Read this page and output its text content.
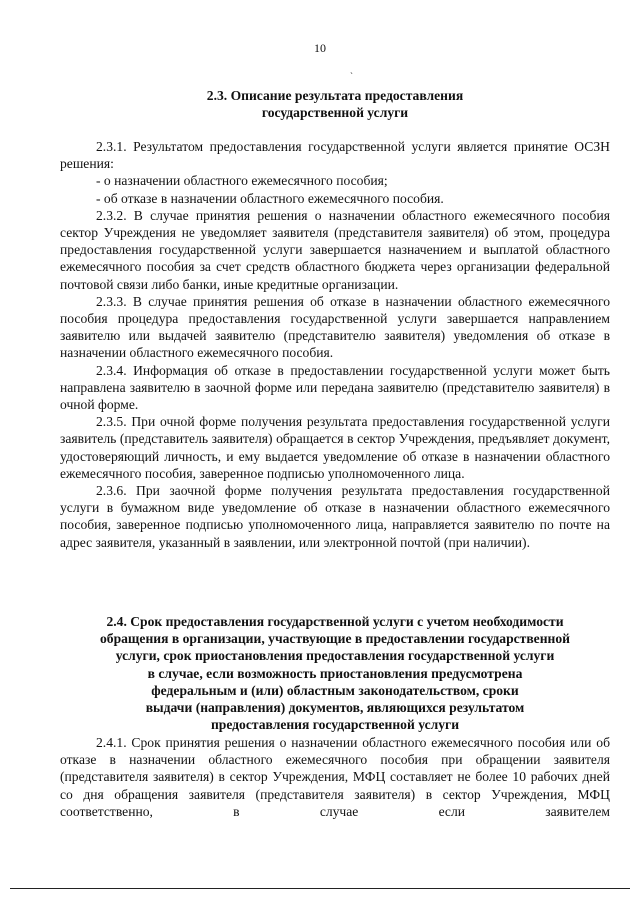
10
`
2.3. Описание результата предоставления
государственной услуги

2.3.1. Результатом предоставления государственной услуги является принятие ОСЗН решения:

- о назначении областного ежемесячного пособия;

- об отказе в назначении областного ежемесячного пособия.

2.3.2. В случае принятия решения о назначении областного ежемесячного пособия сектор Учреждения не уведомляет заявителя (представителя заявителя) об этом, процедура предоставления государственной услуги завершается назначением и выплатой областного ежемесячного пособия за счет средств областного бюджета через организации федеральной почтовой связи либо банки, иные кредитные организации.

2.3.3. В случае принятия решения об отказе в назначении областного ежемесячного пособия процедура предоставления государственной услуги завершается направлением заявителю или выдачей заявителю (представителю заявителя) уведомления об отказе в назначении областного ежемесячного пособия.

2.3.4. Информация об отказе в предоставлении государственной услуги может быть направлена заявителю в заочной форме или передана заявителю (представителю заявителя) в очной форме.

2.3.5. При очной форме получения результата предоставления государственной услуги заявитель (представитель заявителя) обращается в сектор Учреждения, предъявляет документ, удостоверяющий личность, и ему выдается уведомление об отказе в назначении областного ежемесячного пособия, заверенное подписью уполномоченного лица.

2.3.6. При заочной форме получения результата предоставления государственной услуги в бумажном виде уведомление об отказе в назначении областного ежемесячного пособия, заверенное подписью уполномоченного лица, направляется заявителю по почте на адрес заявителя, указанный в заявлении, или электронной почтой (при наличии).

2.4. Срок предоставления государственной услуги с учетом необходимости
обращения в организации, участвующие в предоставлении государственной
услуги, срок приостановления предоставления государственной услуги
в случае, если возможность приостановления предусмотрена
федеральным и (или) областным законодательством, сроки
выдачи (направления) документов, являющихся результатом
предоставления государственной услуги

2.4.1. Срок принятия решения о назначении областного ежемесячного пособия или об отказе в назначении областного ежемесячного пособия при обращении заявителя (представителя заявителя) в сектор Учреждения, МФЦ составляет не более 10 рабочих дней со дня обращения заявителя (представителя заявителя) в сектор Учреждения, МФЦ соответственно, в случае если заявителем
